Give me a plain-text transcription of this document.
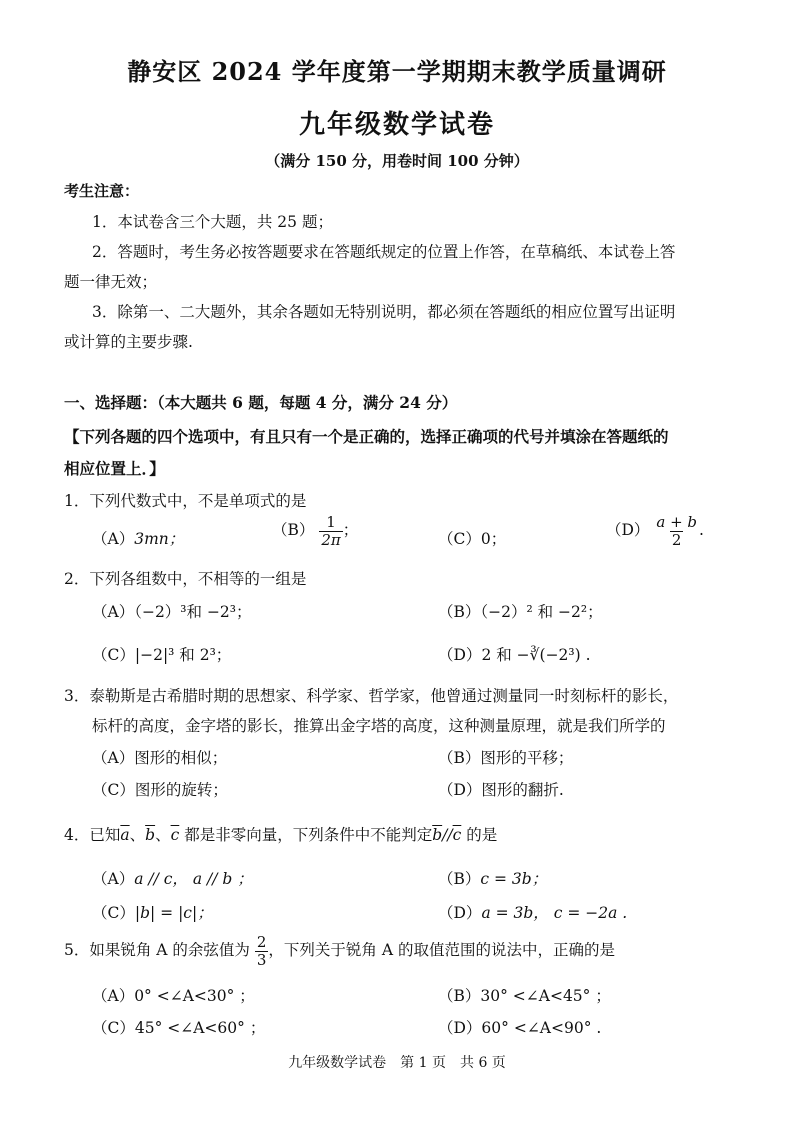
静安区 2024 学年度第一学期期末教学质量调研
九年级数学试卷
（满分 150 分，用卷时间 100 分钟）
考生注意：
1．本试卷含三个大题，共 25 题；
2．答题时，考生务必按答题要求在答题纸规定的位置上作答，在草稿纸、本试卷上答
题一律无效；
3．除第一、二大题外，其余各题如无特别说明，都必须在答题纸的相应位置写出证明
或计算的主要步骤.
一、选择题：（本大题共 6 题，每题 4 分，满分 24 分）
【下列各题的四个选项中，有且只有一个是正确的，选择正确项的代号并填涂在答题纸的
相应位置上．】
1．下列代数式中，不是单项式的是
（A）3mn；	$(B) \frac{1}{2\pi}$ ；	（C）0；	$(D) \frac{a + b}{2}$ .
2．下列各组数中，不相等的一组是
（A）（−2）³和 −2³；	（B）（−2）² 和 −2²；
（C）|−2|³ 和 2³；	（D）2 和 −∛(−2³) .
3．泰勒斯是古希腊时期的思想家、科学家、哲学家，他曾通过测量同一时刻标杆的影长，
标杆的高度，金字塔的影长，推算出金字塔的高度，这种测量原理，就是我们所学的
（A）图形的相似；	（B）图形的平移；
（C）图形的旋转；	（D）图形的翻折.
4．已知$\overline{a}$、$\overline{b}$、$\overline{c}$ 都是非零向量，下列条件中不能判定$\overline{b}//\overline{c}$ 的是
（A）a // c， a // b ；	（B）c = 3b；
（C）|b| = |c|；	（D）a = 3b， c = −2a .
5．如果锐角 A 的余弦值为 $\frac{2}{3}$ ，下列关于锐角 A 的取值范围的说法中，正确的是
（A）0° <∠A<30° ；	（B）30° <∠A<45° ；
（C）45° <∠A<60° ；	（D）60° <∠A<90° .
九年级数学试卷　第 1 页　共 6 页
